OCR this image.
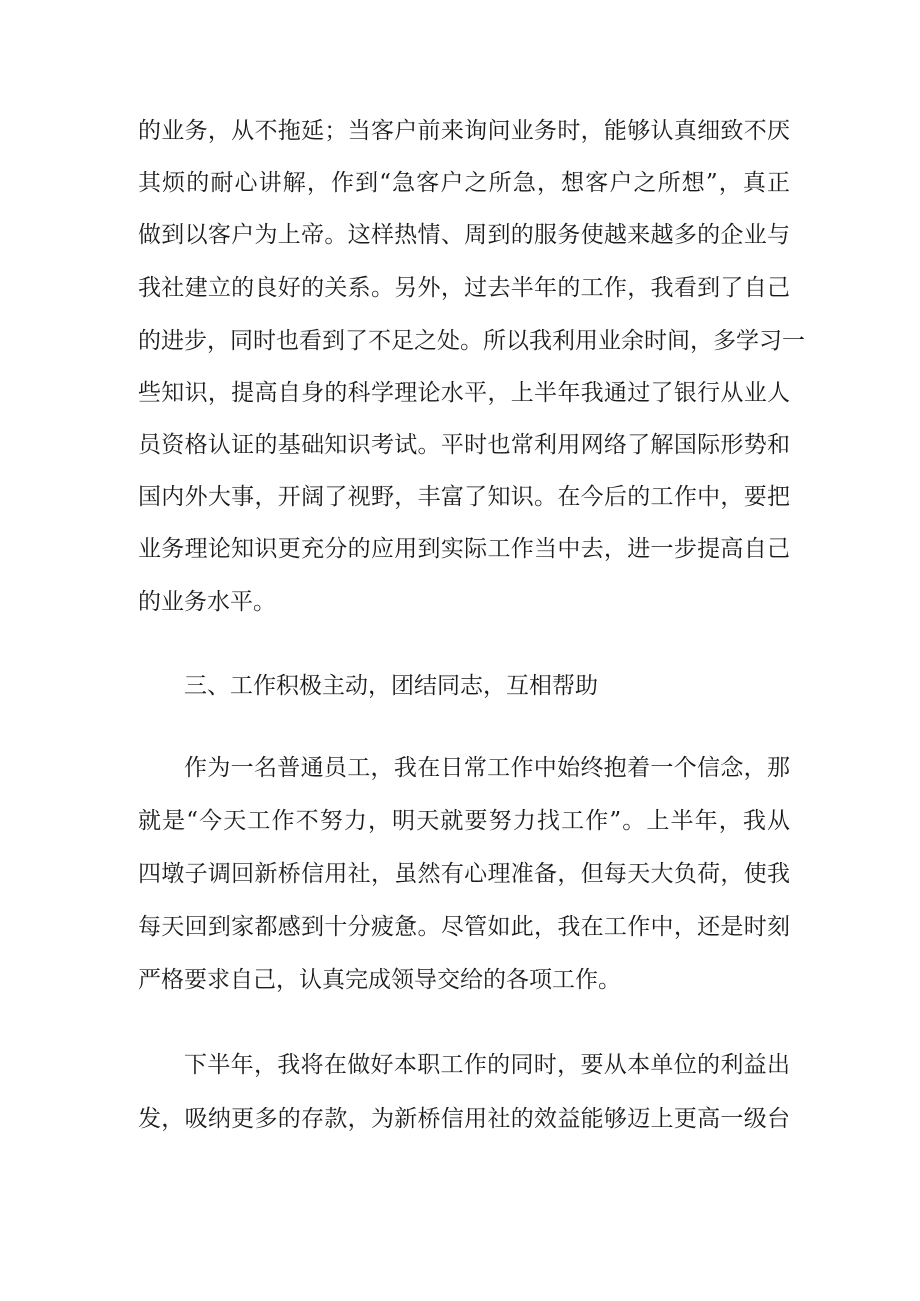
的业务，从不拖延；当客户前来询问业务时，能够认真细致不厌
其烦的耐心讲解，作到“急客户之所急，想客户之所想”，真正
做到以客户为上帝。这样热情、周到的服务使越来越多的企业与
我社建立的良好的关系。另外，过去半年的工作，我看到了自己
的进步，同时也看到了不足之处。所以我利用业余时间，多学习一
些知识，提高自身的科学理论水平，上半年我通过了银行从业人
员资格认证的基础知识考试。平时也常利用网络了解国际形势和
国内外大事，开阔了视野，丰富了知识。在今后的工作中，要把
业务理论知识更充分的应用到实际工作当中去，进一步提高自己
的业务水平。
三、工作积极主动，团结同志，互相帮助
作为一名普通员工，我在日常工作中始终抱着一个信念，那
就是“今天工作不努力，明天就要努力找工作”。上半年，我从
四墩子调回新桥信用社，虽然有心理准备，但每天大负荷，使我
每天回到家都感到十分疲惫。尽管如此，我在工作中，还是时刻
严格要求自己，认真完成领导交给的各项工作。
下半年，我将在做好本职工作的同时，要从本单位的利益出
发，吸纳更多的存款，为新桥信用社的效益能够迈上更高一级台
